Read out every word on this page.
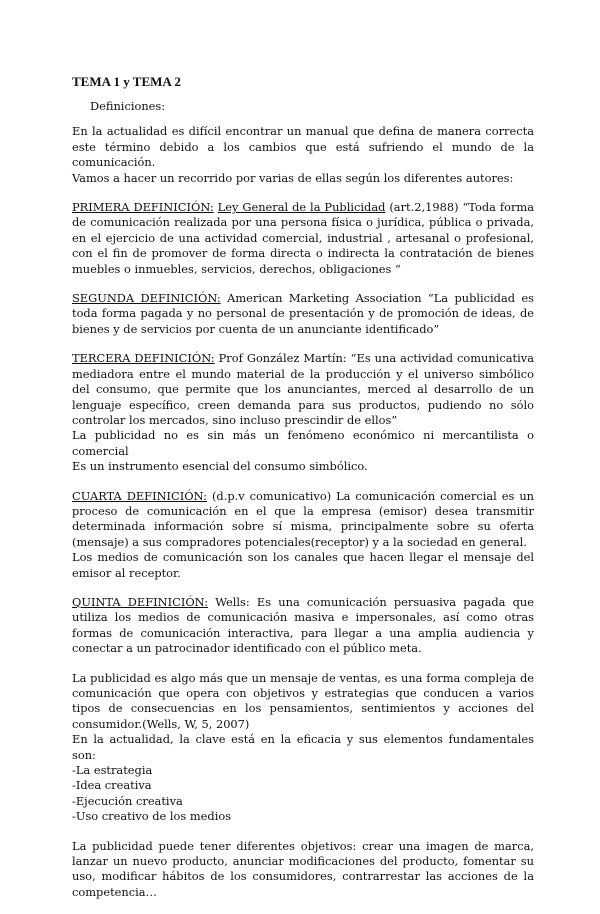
TEMA 1 y TEMA 2
Definiciones:

En la actualidad es difícil encontrar un manual que defina de manera correcta este término debido a los cambios que está sufriendo el mundo de la comunicación.

Vamos a hacer un recorrido por varias de ellas según los diferentes autores:

PRIMERA DEFINICIÓN: Ley General de la Publicidad (art.2,1988) “Toda forma de comunicación realizada por una persona física o jurídica, pública o privada, en el ejercicio de una actividad comercial, industrial , artesanal o profesional, con el fin de promover de forma directa o indirecta la contratación de bienes muebles o inmuebles, servicios, derechos, obligaciones “

SEGUNDA DEFINICIÓN: American Marketing Association “La publicidad es toda forma pagada y no personal de presentación y de promoción de ideas, de bienes y de servicios por cuenta de un anunciante identificado”

TERCERA DEFINICIÓN: Prof González Martín: “Es una actividad comunicativa mediadora entre el mundo material de la producción y el universo simbólico del consumo, que permite que los anunciantes, merced al desarrollo de un lenguaje específico, creen demanda para sus productos, pudiendo no sólo controlar los mercados, sino incluso prescindir de ellos”

La publicidad no es sin más un fenómeno económico ni mercantilista o comercial

Es un instrumento esencial del consumo simbólico.

CUARTA DEFINICIÓN: (d.p.v comunicativo) La comunicación comercial es un proceso de comunicación en el que la empresa (emisor) desea transmitir determinada información sobre sí misma, principalmente sobre su oferta (mensaje) a sus compradores potenciales(receptor) y a la sociedad en general.

Los medios de comunicación son los canales que hacen llegar el mensaje del emisor al receptor.

QUINTA DEFINICIÓN: Wells: Es una comunicación persuasiva pagada que utiliza los medios de comunicación masiva e impersonales, así como otras formas de comunicación interactiva, para llegar a una amplia audiencia y conectar a un patrocinador identificado con el público meta.

La publicidad es algo más que un mensaje de ventas, es una forma compleja de comunicación que opera con objetivos y estrategias que conducen a varios tipos de consecuencias en los pensamientos, sentimientos y acciones del consumidor.(Wells, W, 5, 2007)

En la actualidad, la clave está en la eficacia y sus elementos fundamentales son:

-La estrategia
-Idea creativa
-Ejecución creativa
-Uso creativo de los medios

La publicidad puede tener diferentes objetivos: crear una imagen de marca, lanzar un nuevo producto, anunciar modificaciones del producto, fomentar su uso, modificar hábitos de los consumidores, contrarrestar las acciones de la competencia…
